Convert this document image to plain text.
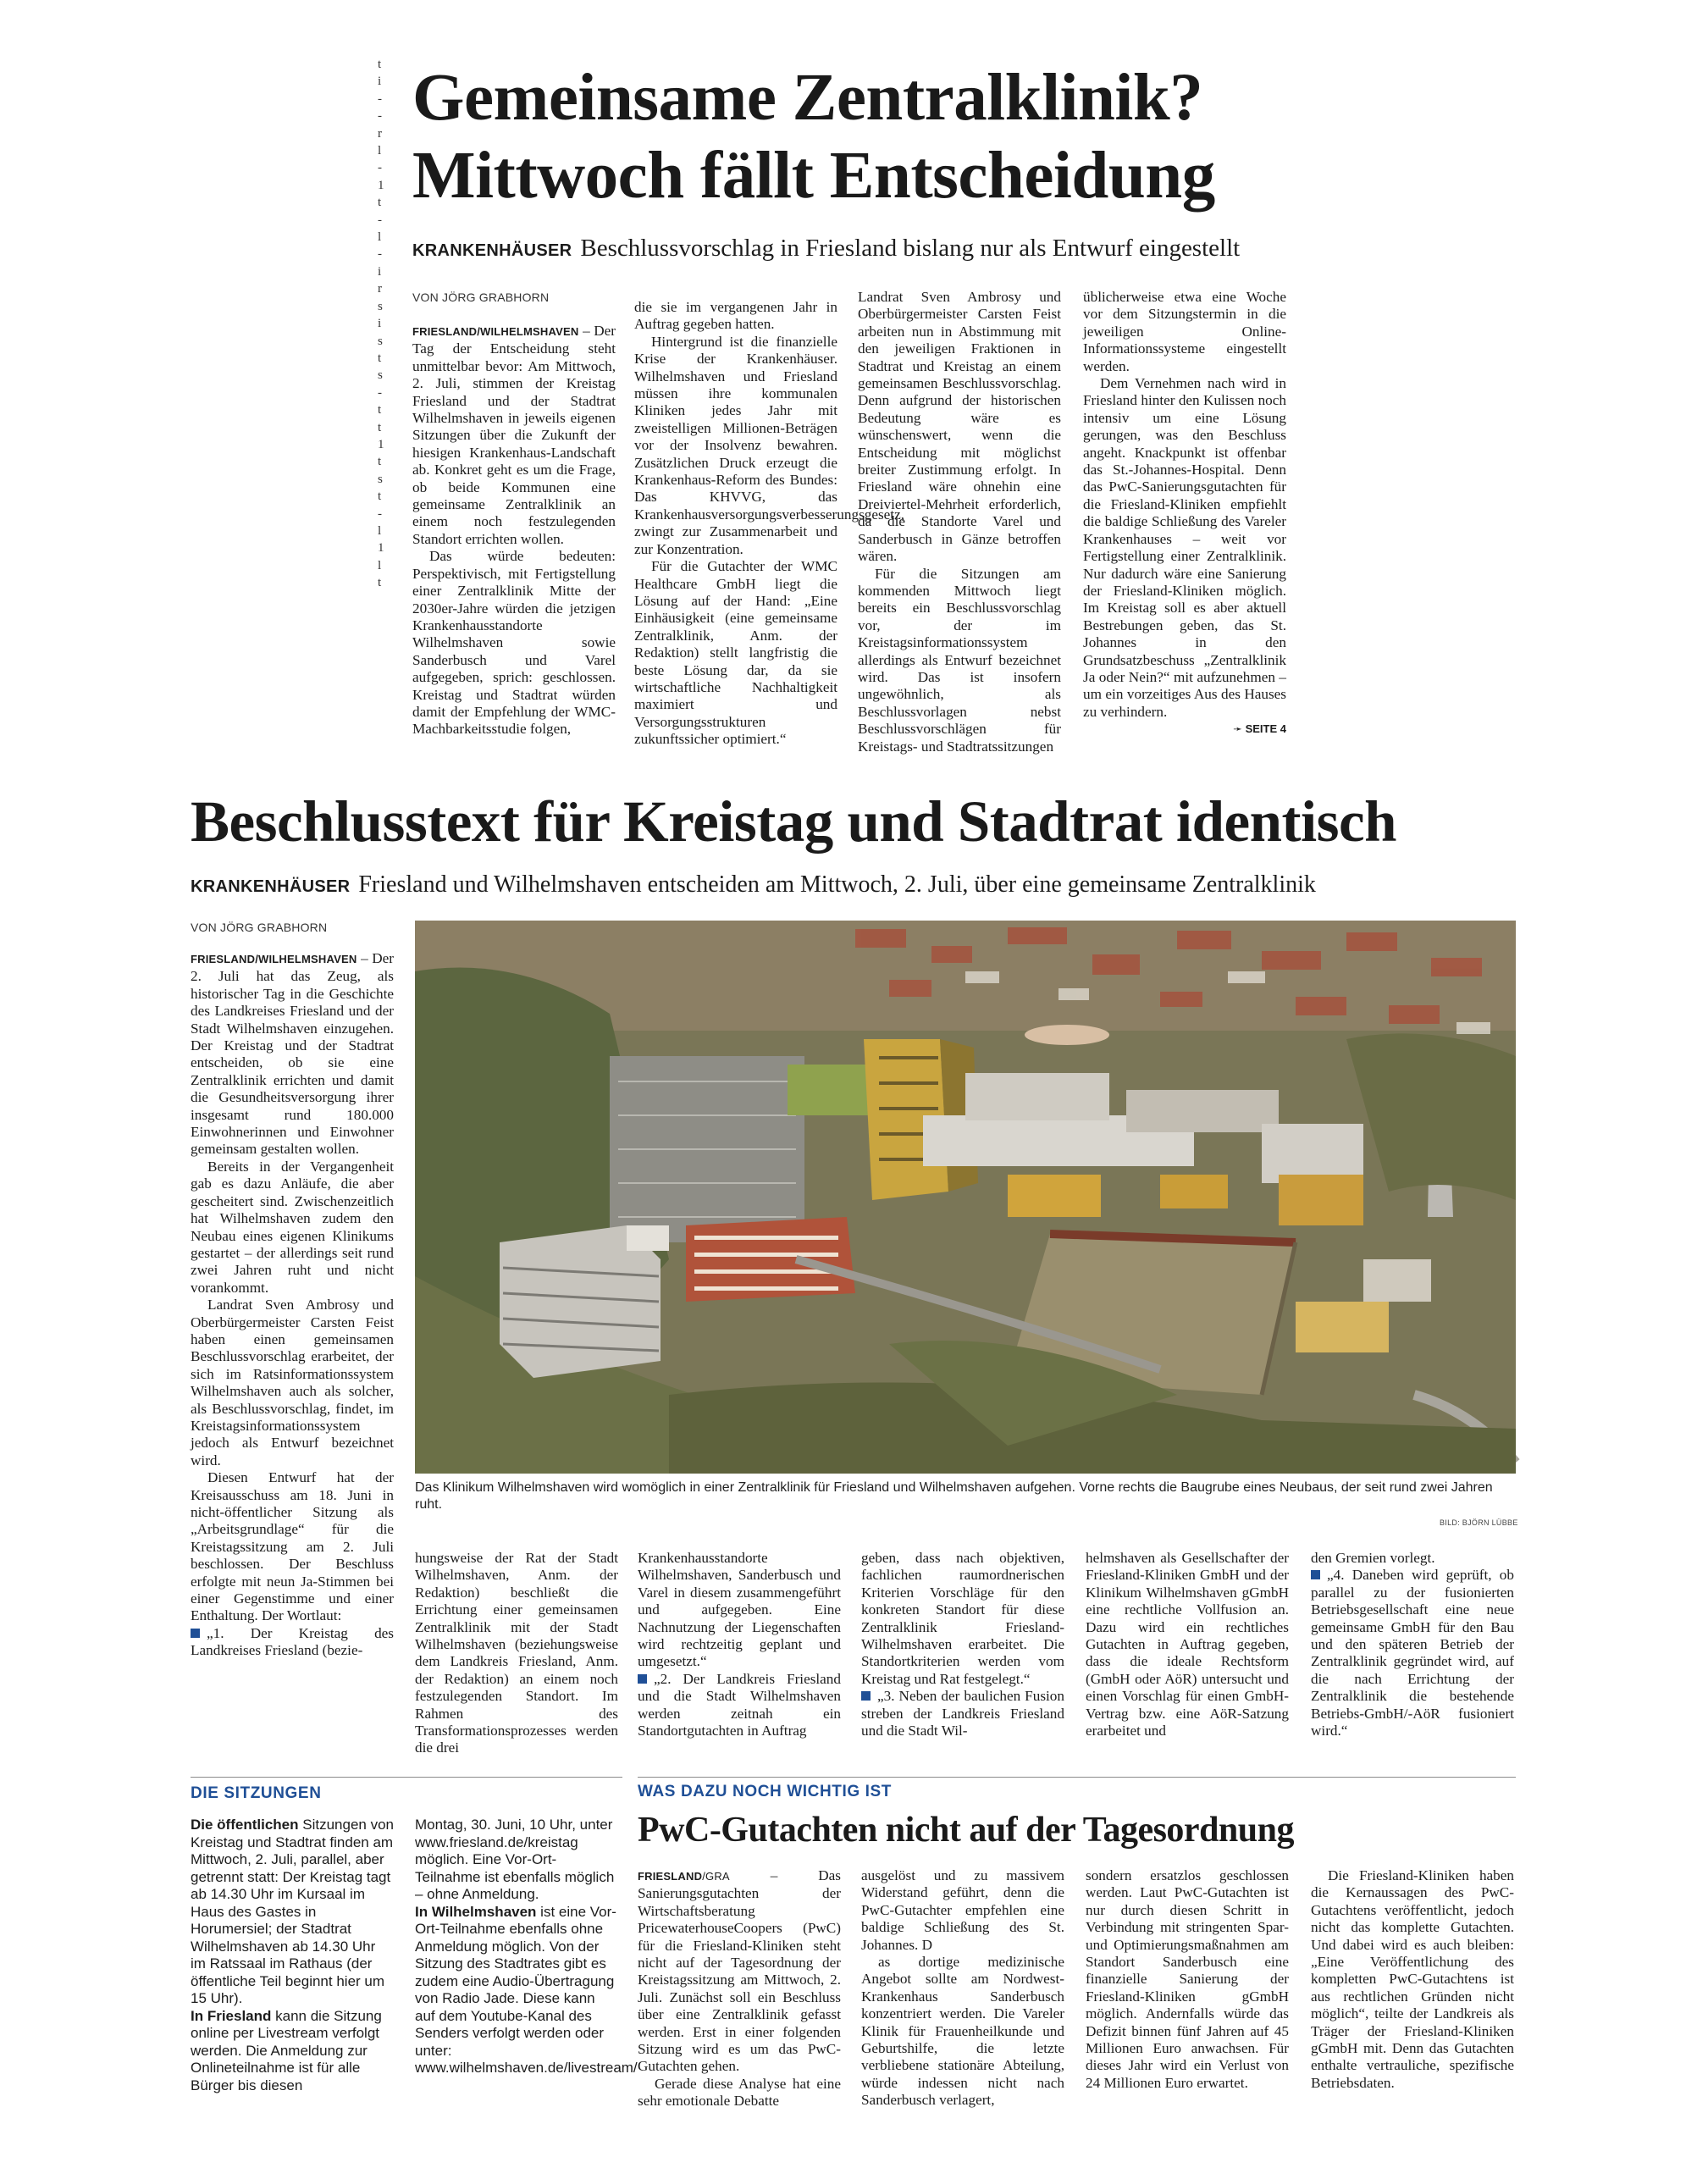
t
i
-
-
r
l
-
1
t
-
l
-
i
r
s
i
s
t
s
-
t
t
1
t
s
t
-
l
1
l
t
Gemeinsame Zentralklinik?
Mittwoch fällt Entscheidung
KRANKENHÄUSER Beschlussvorschlag in Friesland bislang nur als Entwurf eingestellt
VON JÖRG GRABHORN

FRIESLAND/WILHELMSHAVEN – Der Tag der Entscheidung steht unmittelbar bevor: Am Mittwoch, 2. Juli, stimmen der Kreistag Friesland und der Stadtrat Wilhelmshaven in jeweils eigenen Sitzungen über die Zukunft der hiesigen Krankenhaus-Landschaft ab. Konkret geht es um die Frage, ob beide Kommunen eine gemeinsame Zentralklinik an einem noch festzulegenden Standort errichten wollen.

Das würde bedeuten: Perspektivisch, mit Fertigstellung einer Zentralklinik Mitte der 2030er-Jahre würden die jetzigen Krankenhausstandorte Wilhelmshaven sowie Sanderbusch und Varel aufgegeben, sprich: geschlossen. Kreistag und Stadtrat würden damit der Empfehlung der WMC-Machbarkeitsstudie folgen,

die sie im vergangenen Jahr in Auftrag gegeben hatten.

Hintergrund ist die finanzielle Krise der Krankenhäuser. Wilhelmshaven und Friesland müssen ihre kommunalen Kliniken jedes Jahr mit zweistelligen Millionen-Beträgen vor der Insolvenz bewahren. Zusätzlichen Druck erzeugt die Krankenhaus-Reform des Bundes: Das KHVVG, das Krankenhausversorgungsverbesserungsgesetz, zwingt zur Zusammenarbeit und zur Konzentration.

Für die Gutachter der WMC Healthcare GmbH liegt die Lösung auf der Hand: „Eine Einhäusigkeit (eine gemeinsame Zentralklinik, Anm. der Redaktion) stellt langfristig die beste Lösung dar, da sie wirtschaftliche Nachhaltigkeit maximiert und Versorgungsstrukturen zukunftssicher optimiert.“

Landrat Sven Ambrosy und Oberbürgermeister Carsten Feist arbeiten nun in Abstimmung mit den jeweiligen Fraktionen in Stadtrat und Kreistag an einem gemeinsamen Beschlussvorschlag. Denn aufgrund der historischen Bedeutung wäre es wünschenswert, wenn die Entscheidung mit möglichst breiter Zustimmung erfolgt. In Friesland wäre ohnehin eine Dreiviertel-Mehrheit erforderlich, da die Standorte Varel und Sanderbusch in Gänze betroffen wären.

Für die Sitzungen am kommenden Mittwoch liegt bereits ein Beschlussvorschlag vor, der im Kreistagsinformationssystem allerdings als Entwurf bezeichnet wird. Das ist insofern ungewöhnlich, als Beschlussvorlagen nebst Beschlussvorschlägen für Kreistags- und Stadtratssitzungen

üblicherweise etwa eine Woche vor dem Sitzungstermin in die jeweiligen Online-Informationssysteme eingestellt werden.

Dem Vernehmen nach wird in Friesland hinter den Kulissen noch intensiv um eine Lösung gerungen, was den Beschluss angeht. Knackpunkt ist offenbar das St.-Johannes-Hospital. Denn das PwC-Sanierungsgutachten für die Friesland-Kliniken empfiehlt die baldige Schließung des Vareler Krankenhauses – weit vor Fertigstellung einer Zentralklinik. Nur dadurch wäre eine Sanierung der Friesland-Kliniken möglich. Im Kreistag soll es aber aktuell Bestrebungen geben, das St. Johannes in den Grundsatzbeschuss „Zentralklinik Ja oder Nein?“ mit aufzunehmen – um ein vorzeitiges Aus des Hauses zu verhindern.

➛ SEITE 4

Beschlusstext für Kreistag und Stadtrat identisch
KRANKENHÄUSER Friesland und Wilhelmshaven entscheiden am Mittwoch, 2. Juli, über eine gemeinsame Zentralklinik
VON JÖRG GRABHORN

FRIESLAND/WILHELMSHAVEN – Der 2. Juli hat das Zeug, als historischer Tag in die Geschichte des Landkreises Friesland und der Stadt Wilhelmshaven einzugehen. Der Kreistag und der Stadtrat entscheiden, ob sie eine Zentralklinik errichten und damit die Gesundheitsversorgung ihrer insgesamt rund 180.000 Einwohnerinnen und Einwohner gemeinsam gestalten wollen.

Bereits in der Vergangenheit gab es dazu Anläufe, die aber gescheitert sind. Zwischenzeitlich hat Wilhelmshaven zudem den Neubau eines eigenen Klinikums gestartet – der allerdings seit rund zwei Jahren ruht und nicht vorankommt.

Landrat Sven Ambrosy und Oberbürgermeister Carsten Feist haben einen gemeinsamen Beschlussvorschlag erarbeitet, der sich im Ratsinformationssystem Wilhelmshaven auch als solcher, als Beschlussvorschlag, findet, im Kreistagsinformationssystem jedoch als Entwurf bezeichnet wird.

Diesen Entwurf hat der Kreisausschuss am 18. Juni in nicht-öffentlicher Sitzung als „Arbeitsgrundlage“ für die Kreistagssitzung am 2. Juli beschlossen. Der Beschluss erfolgte mit neun Ja-Stimmen bei einer Gegenstimme und einer Enthaltung. Der Wortlaut:

„1. Der Kreistag des Landkreises Friesland (bezie-

Das Klinikum Wilhelmshaven wird womöglich in einer Zentralklinik für Friesland und Wilhelmshaven aufgehen. Vorne rechts die Baugrube eines Neubaus, der seit rund zwei Jahren ruht.
BILD: BJÖRN LÜBBE

hungsweise der Rat der Stadt Wilhelmshaven, Anm. der Redaktion) beschließt die Errichtung einer gemeinsamen Zentralklinik mit der Stadt Wilhelmshaven (beziehungsweise dem Landkreis Friesland, Anm. der Redaktion) an einem noch festzulegenden Standort. Im Rahmen des Transformationsprozesses werden die drei

Krankenhausstandorte Wilhelmshaven, Sanderbusch und Varel in diesem zusammengeführt und aufgegeben. Eine Nachnutzung der Liegenschaften wird rechtzeitig geplant und umgesetzt.“

„2. Der Landkreis Friesland und die Stadt Wilhelmshaven werden zeitnah ein Standortgutachten in Auftrag

geben, dass nach objektiven, fachlichen raumordnerischen Kriterien Vorschläge für den konkreten Standort für diese Zentralklinik Friesland-Wilhelmshaven erarbeitet. Die Standortkriterien werden vom Kreistag und Rat festgelegt.“

„3. Neben der baulichen Fusion streben der Landkreis Friesland und die Stadt Wil-

helmshaven als Gesellschafter der Friesland-Kliniken GmbH und der Klinikum Wilhelmshaven gGmbH eine rechtliche Vollfusion an. Dazu wird ein rechtliches Gutachten in Auftrag gegeben, dass die ideale Rechtsform (GmbH oder AöR) untersucht und einen Vorschlag für einen GmbH-Vertrag bzw. eine AöR-Satzung erarbeitet und

den Gremien vorlegt.

„4. Daneben wird geprüft, ob parallel zu der fusionierten Betriebsgesellschaft eine neue gemeinsame GmbH für den Bau und den späteren Betrieb der Zentralklinik gegründet wird, auf die nach Errichtung der Zentralklinik die bestehende Betriebs-GmbH/-AöR fusioniert wird.“

DIE SITZUNGEN

Die öffentlichen Sitzungen von Kreistag und Stadtrat finden am Mittwoch, 2. Juli, parallel, aber getrennt statt: Der Kreistag tagt ab 14.30 Uhr im Kursaal im Haus des Gastes in Horumersiel; der Stadtrat Wilhelmshaven ab 14.30 Uhr im Ratssaal im Rathaus (der öffentliche Teil beginnt hier um 15 Uhr).

In Friesland kann die Sitzung online per Livestream verfolgt werden. Die Anmeldung zur Onlineteilnahme ist für alle Bürger bis diesen

Montag, 30. Juni, 10 Uhr, unter www.friesland.de/kreistag möglich. Eine Vor-Ort-Teilnahme ist ebenfalls möglich – ohne Anmeldung.

In Wilhelmshaven ist eine Vor-Ort-Teilnahme ebenfalls ohne Anmeldung möglich. Von der Sitzung des Stadtrates gibt es zudem eine Audio-Übertragung von Radio Jade. Diese kann auf dem Youtube-Kanal des Senders verfolgt werden oder unter: www.wilhelmshaven.de/livestream/

WAS DAZU NOCH WICHTIG IST
PwC-Gutachten nicht auf der Tagesordnung

FRIESLAND/GRA	– Das Sanierungsgutachten der Wirtschaftsberatung PricewaterhouseCoopers (PwC) für die Friesland-Kliniken steht nicht auf der Tagesordnung der Kreistagssitzung am Mittwoch, 2. Juli. Zunächst soll ein Beschluss über eine Zentralklinik gefasst werden. Erst in einer folgenden Sitzung wird es um das PwC-Gutachten gehen.

Gerade diese Analyse hat eine sehr emotionale Debatte

ausgelöst und zu massivem Widerstand geführt, denn die PwC-Gutachter empfehlen eine baldige Schließung des St. Johannes. D

as dortige medizinische Angebot sollte am Nordwest-Krankenhaus Sanderbusch konzentriert werden. Die Vareler Klinik für Frauenheilkunde und Geburtshilfe, die letzte verbliebene stationäre Abteilung, würde indessen nicht nach Sanderbusch verlagert,

sondern ersatzlos geschlossen werden. Laut PwC-Gutachten ist nur durch diesen Schritt in Verbindung mit stringenten Spar- und Optimierungsmaßnahmen am Standort Sanderbusch eine finanzielle Sanierung der Friesland-Kliniken gGmbH möglich. Andernfalls würde das Defizit binnen fünf Jahren auf 45 Millionen Euro anwachsen. Für dieses Jahr wird ein Verlust von 24 Millionen Euro erwartet.

Die Friesland-Kliniken haben die Kernaussagen des PwC-Gutachtens veröffentlicht, jedoch nicht das komplette Gutachten. Und dabei wird es auch bleiben: „Eine Veröffentlichung des kompletten PwC-Gutachtens ist aus rechtlichen Gründen nicht möglich“, teilte der Landkreis als Träger der Friesland-Kliniken gGmbH mit. Denn das Gutachten enthalte vertrauliche, spezifische Betriebsdaten.
